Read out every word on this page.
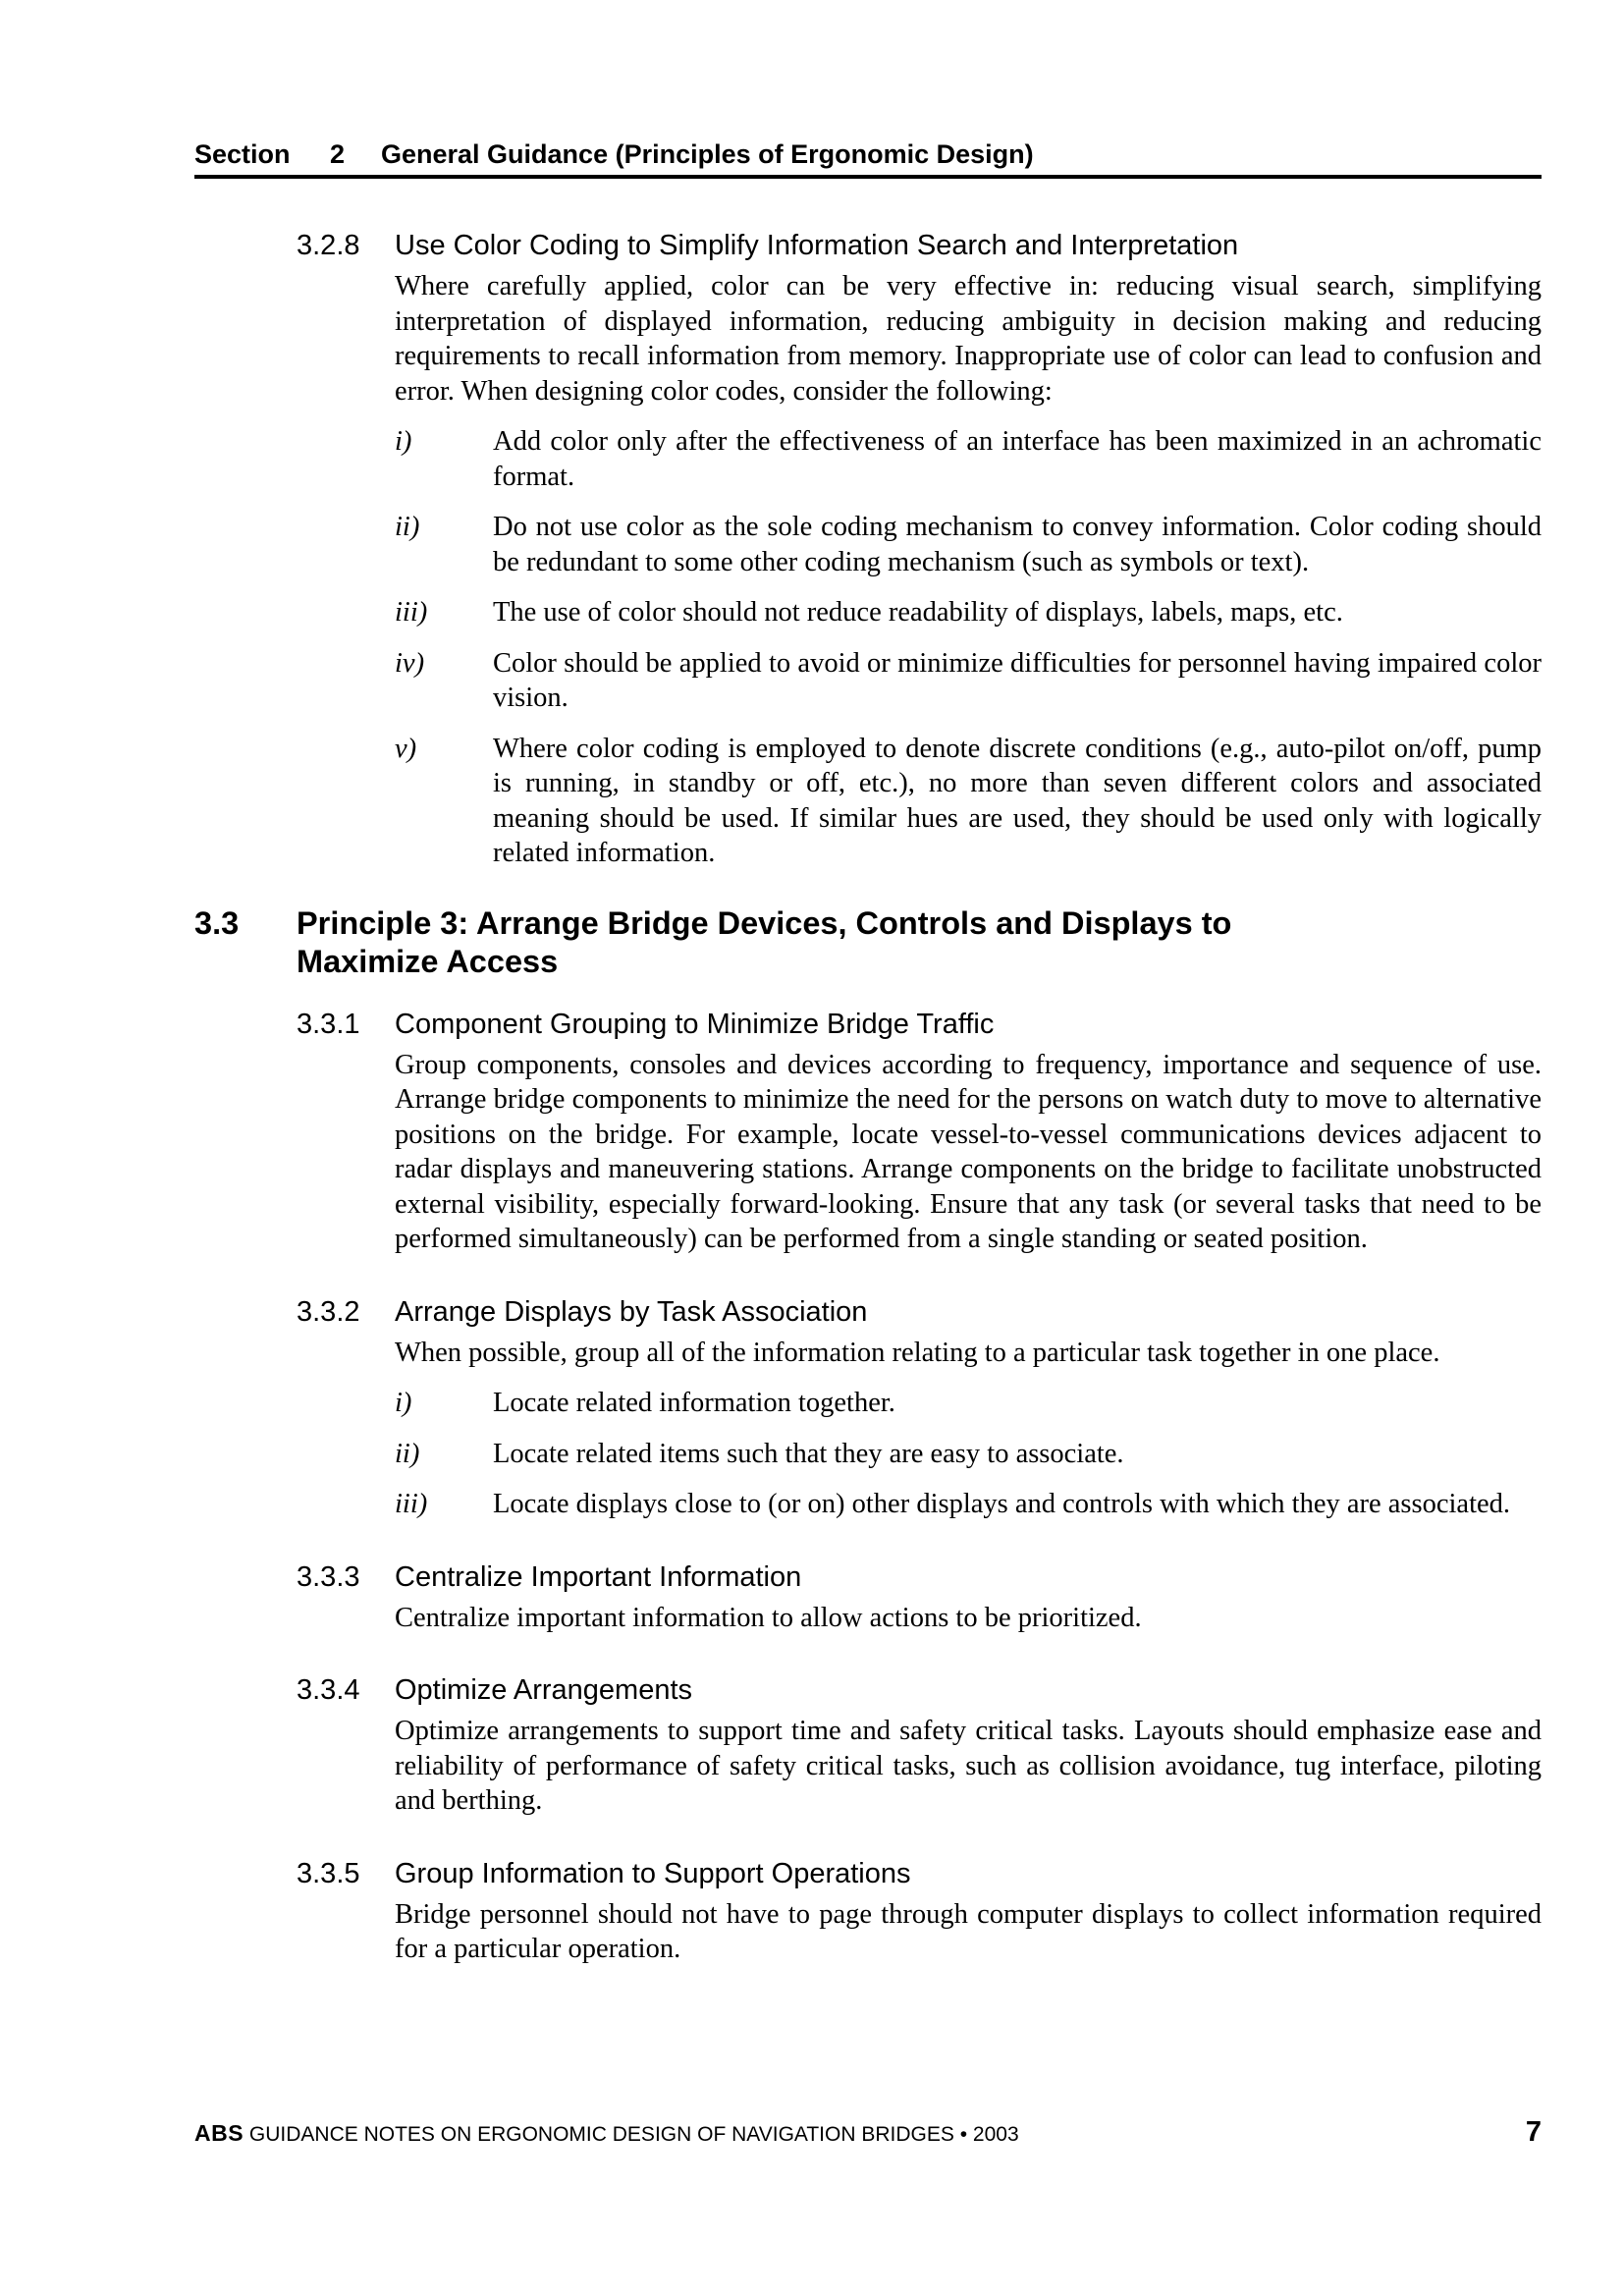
Section 2 General Guidance (Principles of Ergonomic Design)
3.2.8	Use Color Coding to Simplify Information Search and Interpretation
Where carefully applied, color can be very effective in: reducing visual search, simplifying interpretation of displayed information, reducing ambiguity in decision making and reducing requirements to recall information from memory. Inappropriate use of color can lead to confusion and error. When designing color codes, consider the following:
i)	Add color only after the effectiveness of an interface has been maximized in an achromatic format.
ii)	Do not use color as the sole coding mechanism to convey information. Color coding should be redundant to some other coding mechanism (such as symbols or text).
iii)	The use of color should not reduce readability of displays, labels, maps, etc.
iv)	Color should be applied to avoid or minimize difficulties for personnel having impaired color vision.
v)	Where color coding is employed to denote discrete conditions (e.g., auto-pilot on/off, pump is running, in standby or off, etc.), no more than seven different colors and associated meaning should be used. If similar hues are used, they should be used only with logically related information.
3.3	Principle 3: Arrange Bridge Devices, Controls and Displays to Maximize Access
3.3.1	Component Grouping to Minimize Bridge Traffic
Group components, consoles and devices according to frequency, importance and sequence of use. Arrange bridge components to minimize the need for the persons on watch duty to move to alternative positions on the bridge. For example, locate vessel-to-vessel communications devices adjacent to radar displays and maneuvering stations. Arrange components on the bridge to facilitate unobstructed external visibility, especially forward-looking. Ensure that any task (or several tasks that need to be performed simultaneously) can be performed from a single standing or seated position.
3.3.2	Arrange Displays by Task Association
When possible, group all of the information relating to a particular task together in one place.
i)	Locate related information together.
ii)	Locate related items such that they are easy to associate.
iii) Locate displays close to (or on) other displays and controls with which they are associated.
3.3.3	Centralize Important Information
Centralize important information to allow actions to be prioritized.
3.3.4	Optimize Arrangements
Optimize arrangements to support time and safety critical tasks. Layouts should emphasize ease and reliability of performance of safety critical tasks, such as collision avoidance, tug interface, piloting and berthing.
3.3.5	Group Information to Support Operations
Bridge personnel should not have to page through computer displays to collect information required for a particular operation.
ABS GUIDANCE NOTES ON ERGONOMIC DESIGN OF NAVIGATION BRIDGES • 2003	7
